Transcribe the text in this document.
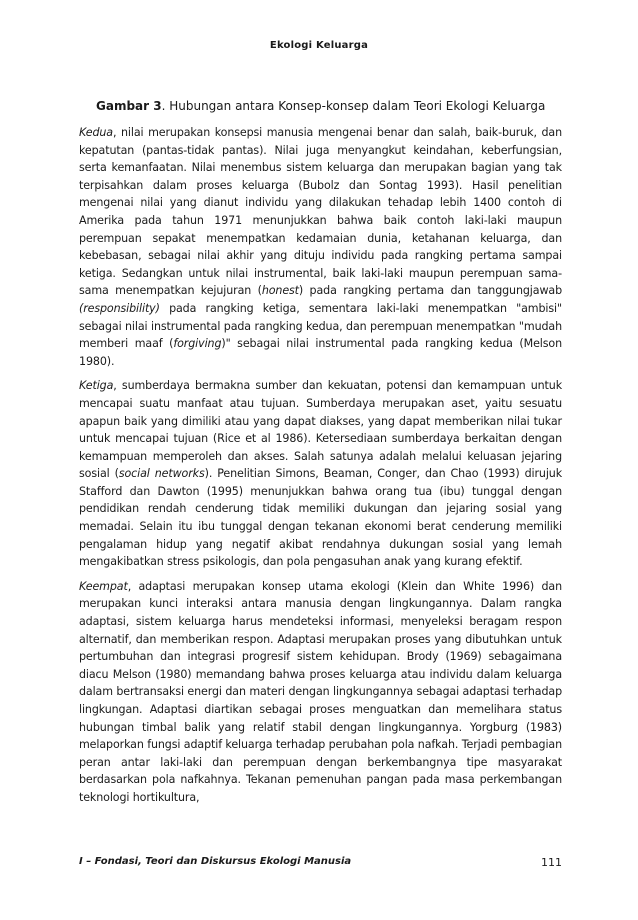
Ekologi Keluarga
Gambar 3. Hubungan antara Konsep-konsep dalam Teori Ekologi Keluarga

Kedua, nilai merupakan konsepsi manusia mengenai benar dan salah, baik-buruk, dan kepatutan (pantas-tidak pantas). Nilai juga menyangkut keindahan, keberfungsian, serta kemanfaatan. Nilai menembus sistem keluarga dan merupakan bagian yang tak terpisahkan dalam proses keluarga (Bubolz dan Sontag 1993). Hasil penelitian mengenai nilai yang dianut individu yang dilakukan tehadap lebih 1400 contoh di Amerika pada tahun 1971 menunjukkan bahwa baik contoh laki-laki maupun perempuan sepakat menempatkan kedamaian dunia, ketahanan keluarga, dan kebebasan, sebagai nilai akhir yang dituju individu pada rangking pertama sampai ketiga. Sedangkan untuk nilai instrumental, baik laki-laki maupun perempuan sama-sama menempatkan kejujuran (honest) pada rangking pertama dan tanggungjawab (responsibility) pada rangking ketiga, sementara laki-laki menempatkan "ambisi" sebagai nilai instrumental pada rangking kedua, dan perempuan menempatkan "mudah memberi maaf (forgiving)" sebagai nilai instrumental pada rangking kedua (Melson 1980).

Ketiga, sumberdaya bermakna sumber dan kekuatan, potensi dan kemampuan untuk mencapai suatu manfaat atau tujuan. Sumberdaya merupakan aset, yaitu sesuatu apapun baik yang dimiliki atau yang dapat diakses, yang dapat memberikan nilai tukar untuk mencapai tujuan (Rice et al 1986). Ketersediaan sumberdaya berkaitan dengan kemampuan memperoleh dan akses. Salah satunya adalah melalui keluasan jejaring sosial (social networks). Penelitian Simons, Beaman, Conger, dan Chao (1993) dirujuk Stafford dan Dawton (1995) menunjukkan bahwa orang tua (ibu) tunggal dengan pendidikan rendah cenderung tidak memiliki dukungan dan jejaring sosial yang memadai. Selain itu ibu tunggal dengan tekanan ekonomi berat cenderung memiliki pengalaman hidup yang negatif akibat rendahnya dukungan sosial yang lemah mengakibatkan stress psikologis, dan pola pengasuhan anak yang kurang efektif.

Keempat, adaptasi merupakan konsep utama ekologi (Klein dan White 1996) dan merupakan kunci interaksi antara manusia dengan lingkungannya. Dalam rangka adaptasi, sistem keluarga harus mendeteksi informasi, menyeleksi beragam respon alternatif, dan memberikan respon. Adaptasi merupakan proses yang dibutuhkan untuk pertumbuhan dan integrasi progresif sistem kehidupan. Brody (1969) sebagaimana diacu Melson (1980) memandang bahwa proses keluarga atau individu dalam keluarga dalam bertransaksi energi dan materi dengan lingkungannya sebagai adaptasi terhadap lingkungan. Adaptasi diartikan sebagai proses menguatkan dan memelihara status hubungan timbal balik yang relatif stabil dengan lingkungannya. Yorgburg (1983) melaporkan fungsi adaptif keluarga terhadap perubahan pola nafkah. Terjadi pembagian peran antar laki-laki dan perempuan dengan berkembangnya tipe masyarakat berdasarkan pola nafkahnya. Tekanan pemenuhan pangan pada masa perkembangan teknologi hortikultura,

I – Fondasi, Teori dan Diskursus Ekologi Manusia	111
